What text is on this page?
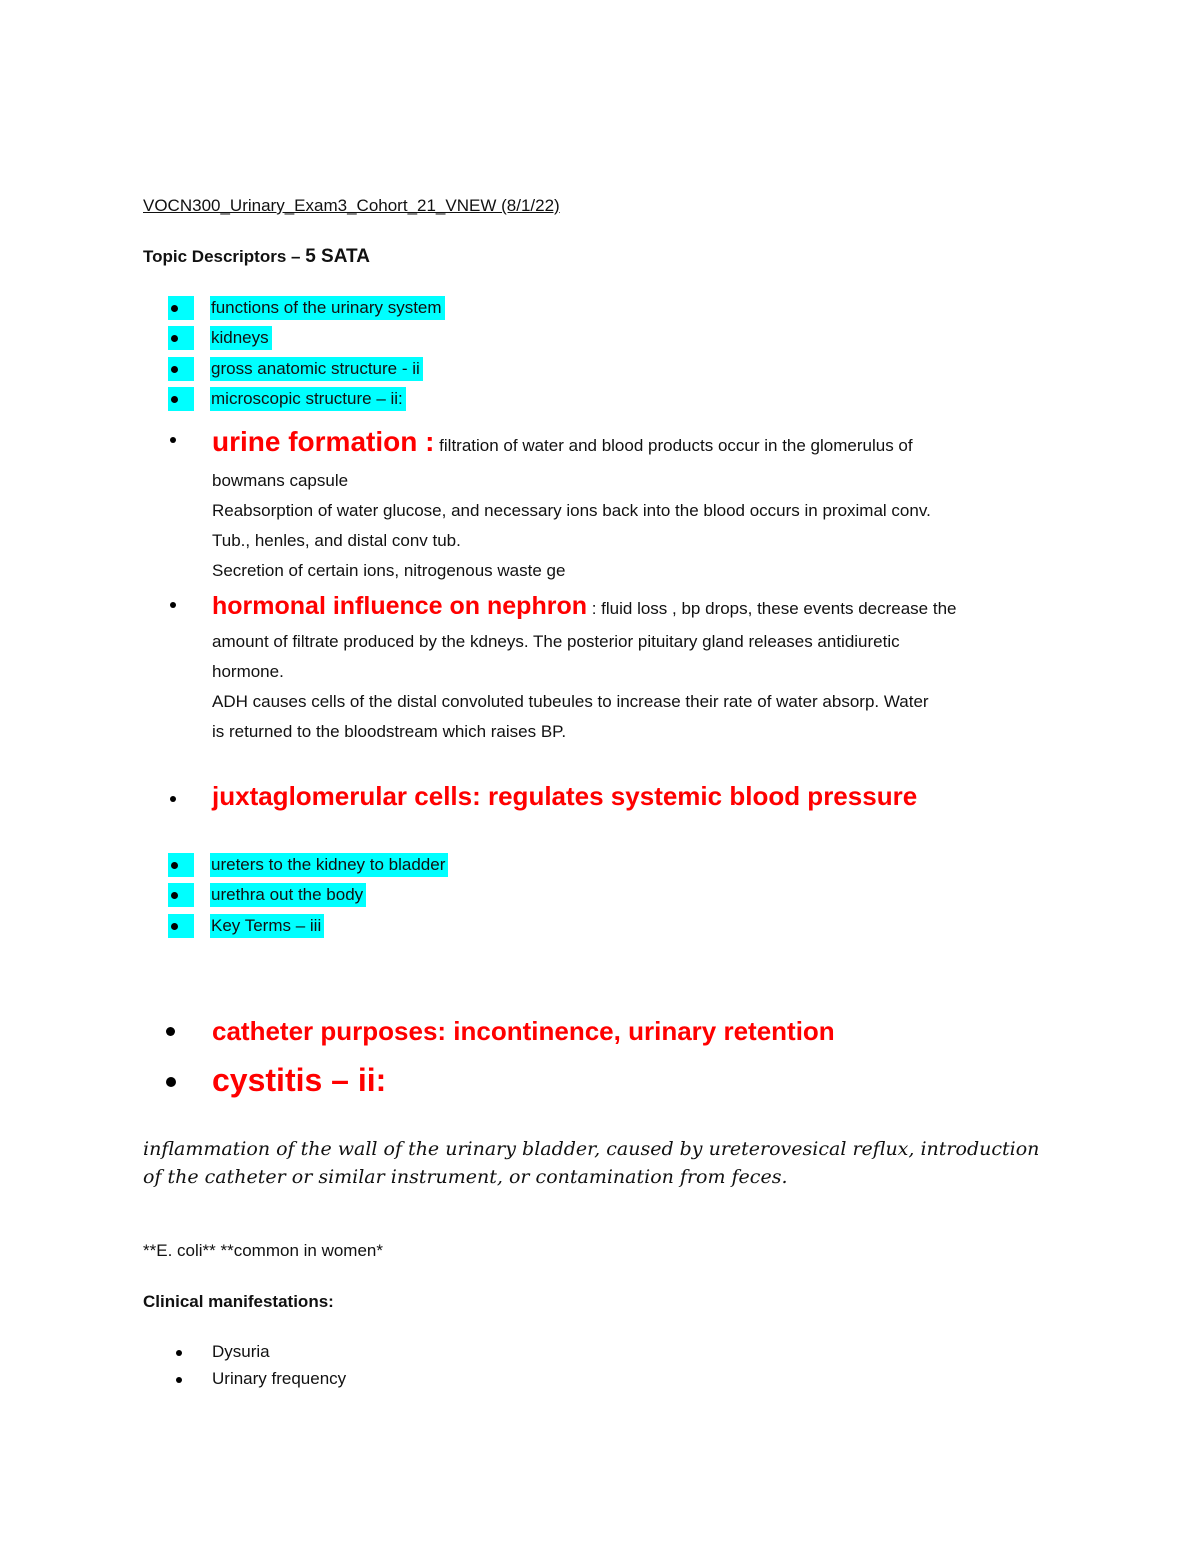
VOCN300_Urinary_Exam3_Cohort_21_VNEW (8/1/22)
Topic Descriptors – 5 SATA
functions of the urinary system
kidneys
gross anatomic structure - ii
microscopic structure – ii:
urine formation : filtration of water and blood products occur in the glomerulus of
bowmans capsule
Reabsorption of water glucose, and necessary ions back into the blood occurs in proximal conv.
Tub., henles, and distal conv tub.
Secretion of certain ions, nitrogenous waste ge
hormonal influence on nephron : fluid loss , bp drops, these events decrease the
amount of filtrate produced by the kdneys. The posterior pituitary gland releases antidiuretic
hormone.
ADH causes cells of the distal convoluted tubeules to increase their rate of water absorp. Water
is returned to the bloodstream which raises BP.
juxtaglomerular cells: regulates systemic blood pressure
ureters to the kidney to bladder
urethra out the body
Key Terms – iii
catheter purposes: incontinence, urinary retention
cystitis – ii:
inflammation of the wall of the urinary bladder, caused by ureterovesical reflux, introduction
of the catheter or similar instrument, or contamination from feces.
**E. coli** **common in women*
Clinical manifestations:
Dysuria
Urinary frequency
